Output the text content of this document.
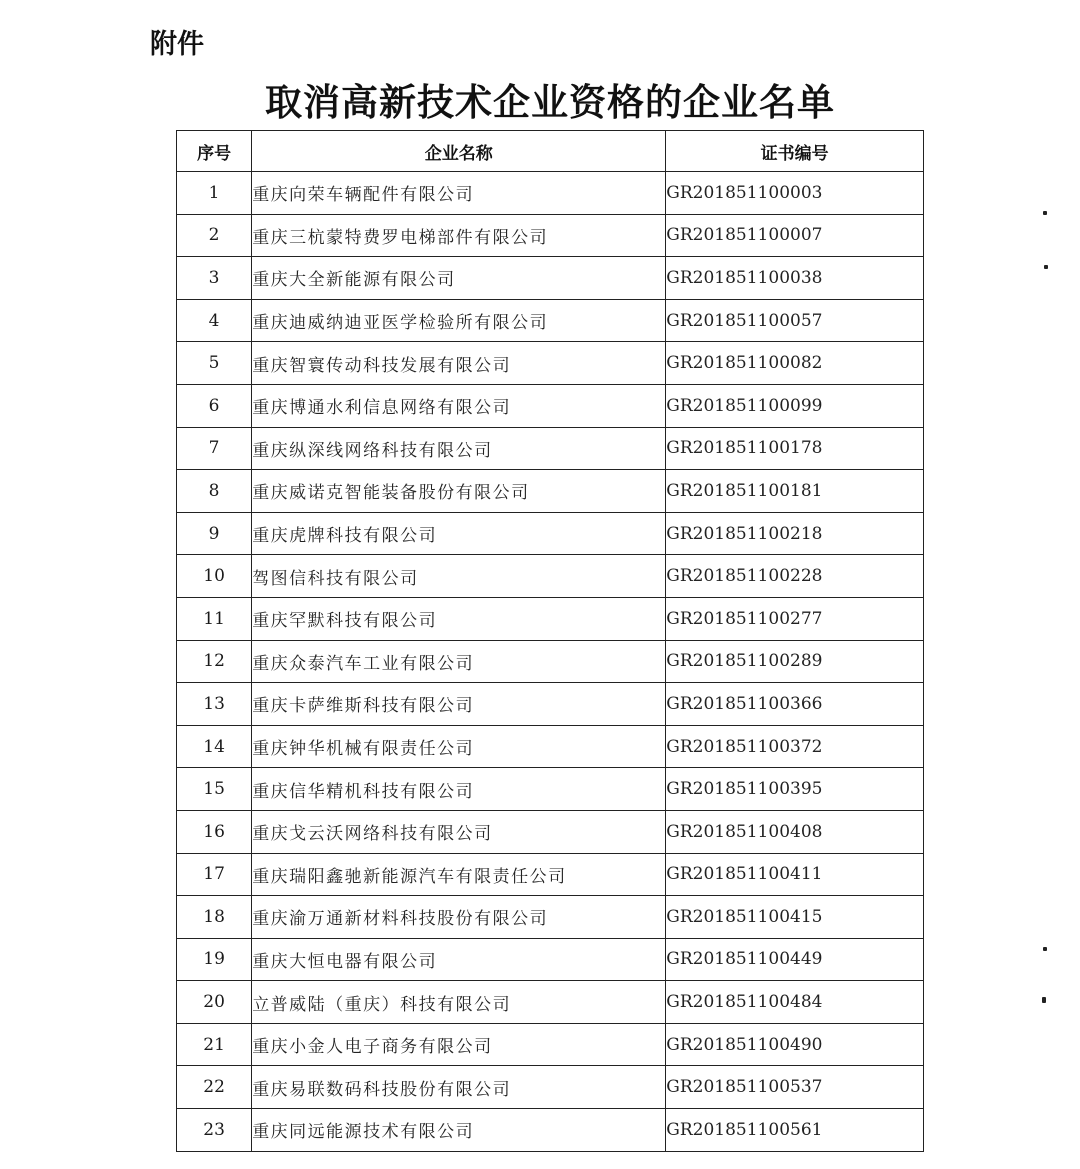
附件
取消高新技术企业资格的企业名单
序号	企业名称	证书编号
1	重庆向荣车辆配件有限公司	GR201851100003
2	重庆三杭蒙特费罗电梯部件有限公司	GR201851100007
3	重庆大全新能源有限公司	GR201851100038
4	重庆迪威纳迪亚医学检验所有限公司	GR201851100057
5	重庆智寰传动科技发展有限公司	GR201851100082
6	重庆博通水利信息网络有限公司	GR201851100099
7	重庆纵深线网络科技有限公司	GR201851100178
8	重庆威诺克智能装备股份有限公司	GR201851100181
9	重庆虎牌科技有限公司	GR201851100218
10	驾图信科技有限公司	GR201851100228
11	重庆罕默科技有限公司	GR201851100277
12	重庆众泰汽车工业有限公司	GR201851100289
13	重庆卡萨维斯科技有限公司	GR201851100366
14	重庆钟华机械有限责任公司	GR201851100372
15	重庆信华精机科技有限公司	GR201851100395
16	重庆戈云沃网络科技有限公司	GR201851100408
17	重庆瑞阳鑫驰新能源汽车有限责任公司	GR201851100411
18	重庆渝万通新材料科技股份有限公司	GR201851100415
19	重庆大恒电器有限公司	GR201851100449
20	立普威陆（重庆）科技有限公司	GR201851100484
21	重庆小金人电子商务有限公司	GR201851100490
22	重庆易联数码科技股份有限公司	GR201851100537
23	重庆同远能源技术有限公司	GR201851100561
